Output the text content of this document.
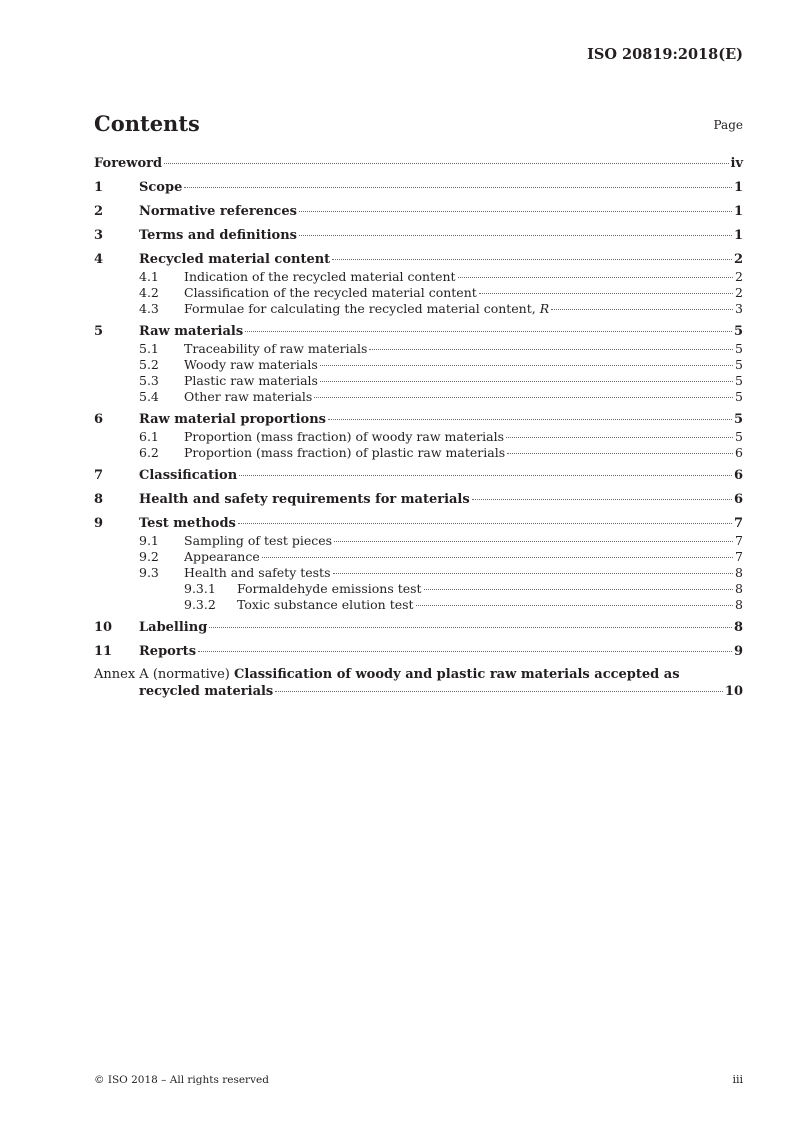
ISO 20819:2018(E)
Contents	Page
Foreword	iv
1	Scope	1
2	Normative references	1
3	Terms and definitions	1
4	Recycled material content	2
4.1	Indication of the recycled material content	2
4.2	Classification of the recycled material content	2
4.3	Formulae for calculating the recycled material content, R	3
5	Raw materials	5
5.1	Traceability of raw materials	5
5.2	Woody raw materials	5
5.3	Plastic raw materials	5
5.4	Other raw materials	5
6	Raw material proportions	5
6.1	Proportion (mass fraction) of woody raw materials	5
6.2	Proportion (mass fraction) of plastic raw materials	6
7	Classification	6
8	Health and safety requirements for materials	6
9	Test methods	7
9.1	Sampling of test pieces	7
9.2	Appearance	7
9.3	Health and safety tests	8
9.3.1	Formaldehyde emissions test	8
9.3.2	Toxic substance elution test	8
10	Labelling	8
11	Reports	9
Annex A (normative) Classification of woody and plastic raw materials accepted as
recycled materials	10
© ISO 2018 – All rights reserved	iii
